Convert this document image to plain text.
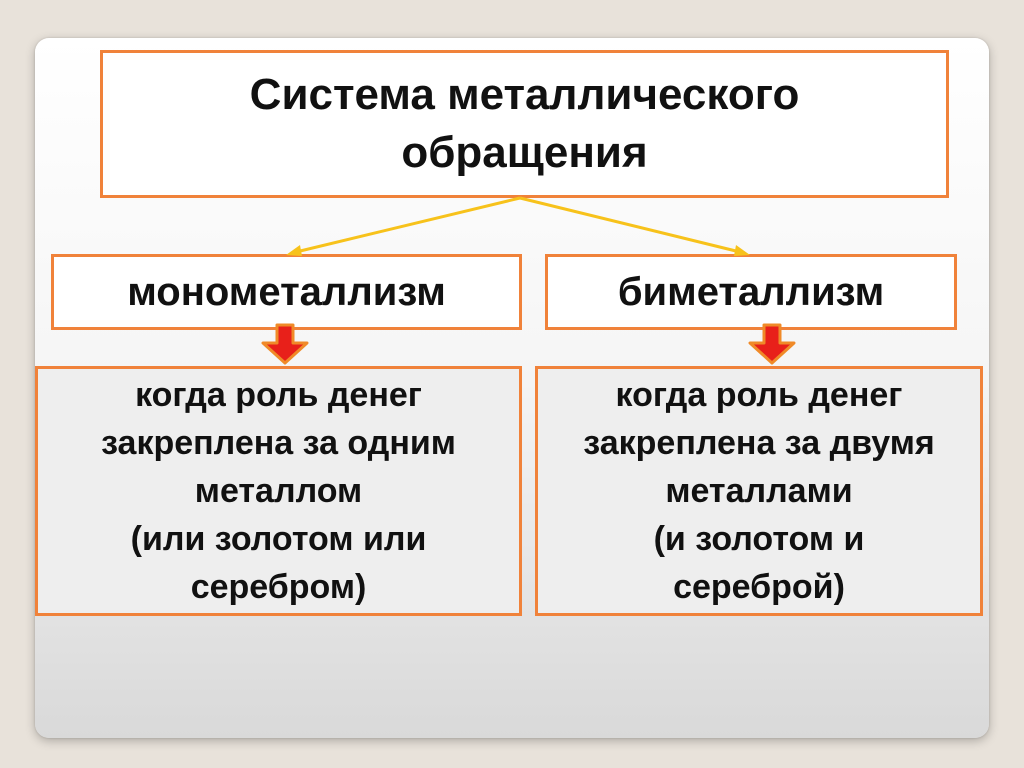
Система металлического обращения
монометаллизм	биметаллизм
когда роль денег
закреплена за одним
металлом
(или золотом или
серебром)
когда роль денег
закреплена за двумя
металлами
(и золотом и
сереброй)
